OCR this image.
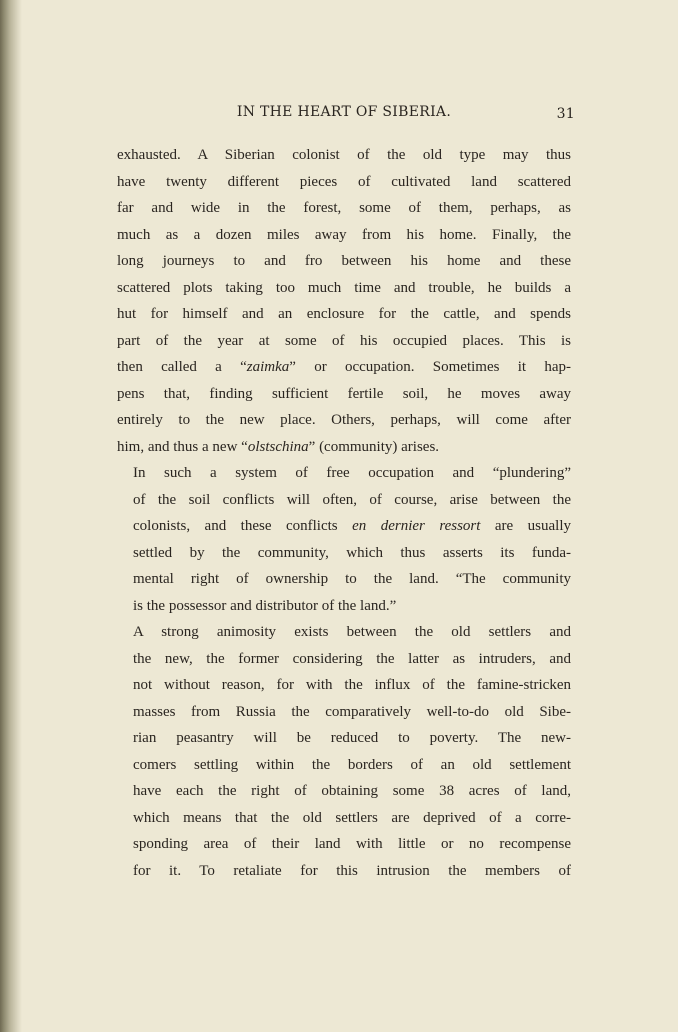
IN THE HEART OF SIBERIA.	31

exhausted. A Siberian colonist of the old type may thus
have twenty different pieces of cultivated land scattered
far and wide in the forest, some of them, perhaps, as
much as a dozen miles away from his home. Finally, the
long journeys to and fro between his home and these
scattered plots taking too much time and trouble, he builds a
hut for himself and an enclosure for the cattle, and spends
part of the year at some of his occupied places. This is
then called a “zaimka” or occupation. Sometimes it hap-
pens that, finding sufficient fertile soil, he moves away
entirely to the new place. Others, perhaps, will come after
him, and thus a new “olstschina” (community) arises.

In such a system of free occupation and “plundering”
of the soil conflicts will often, of course, arise between the
colonists, and these conflicts en dernier ressort are usually
settled by the community, which thus asserts its funda-
mental right of ownership to the land. “The community
is the possessor and distributor of the land.”

A strong animosity exists between the old settlers and
the new, the former considering the latter as intruders, and
not without reason, for with the influx of the famine-stricken
masses from Russia the comparatively well-to-do old Sibe-
rian peasantry will be reduced to poverty. The new-
comers settling within the borders of an old settlement
have each the right of obtaining some 38 acres of land,
which means that the old settlers are deprived of a corre-
sponding area of their land with little or no recompense
for it. To retaliate for this intrusion the members of
